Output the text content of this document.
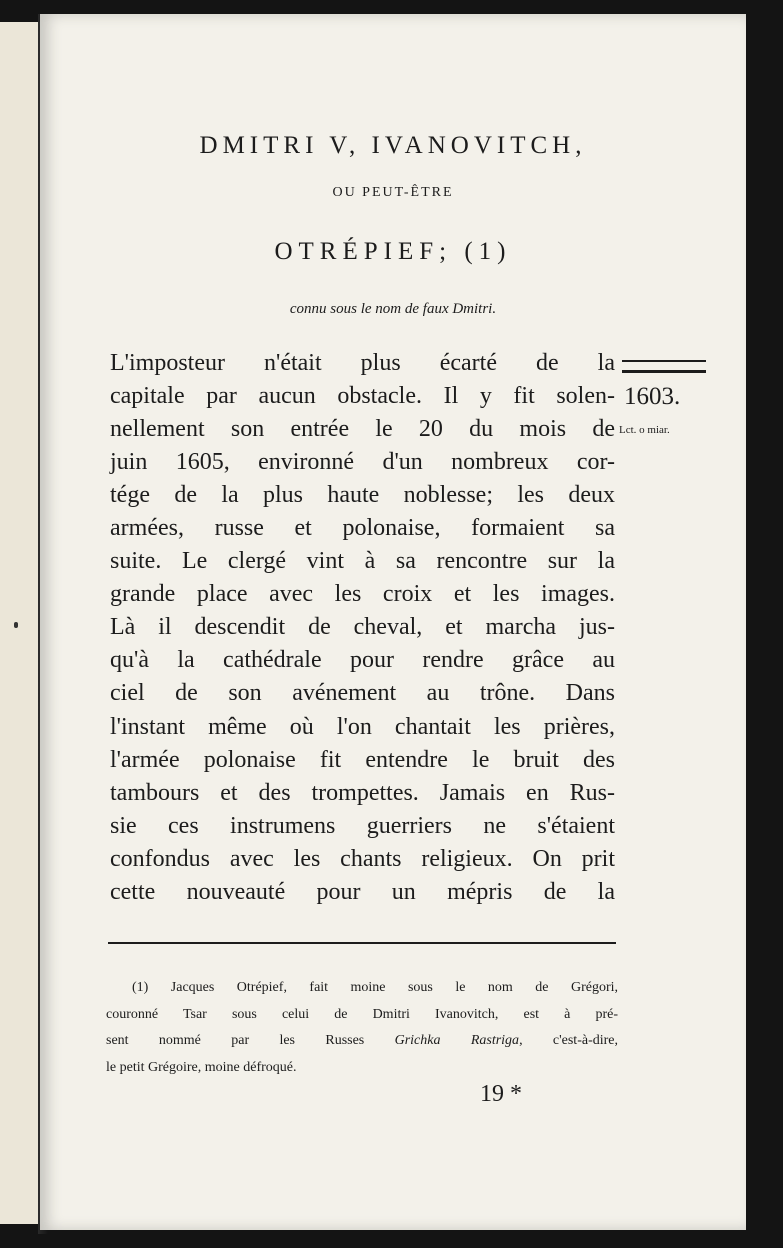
DMITRI V, IVANOVITCH,
OU PEUT-ÊTRE
OTRÉPIEF; (1)
connu sous le nom de faux Dmitri.
L'imposteur n'était plus écarté de la
capitale par aucun obstacle. Il y fit solen-
nellement son entrée le 20 du mois de
juin 1605, environné d'un nombreux cor-
tége de la plus haute noblesse; les deux
armées, russe et polonaise, formaient sa
suite. Le clergé vint à sa rencontre sur la
grande place avec les croix et les images.
Là il descendit de cheval, et marcha jus-
qu'à la cathédrale pour rendre grâce au
ciel de son avénement au trône. Dans
l'instant même où l'on chantait les prières,
l'armée polonaise fit entendre le bruit des
tambours et des trompettes. Jamais en Rus-
sie ces instrumens guerriers ne s'étaient
confondus avec les chants religieux. On prit
cette nouveauté pour un mépris de la
1603.
Lct. o miar.
(1) Jacques Otrépief, fait moine sous le nom de Grégori,
couronné Tsar sous celui de Dmitri Ivanovitch, est à pré-
sent nommé par les Russes Grichka Rastriga, c'est-à-dire,
le petit Grégoire, moine défroqué.
19 *
